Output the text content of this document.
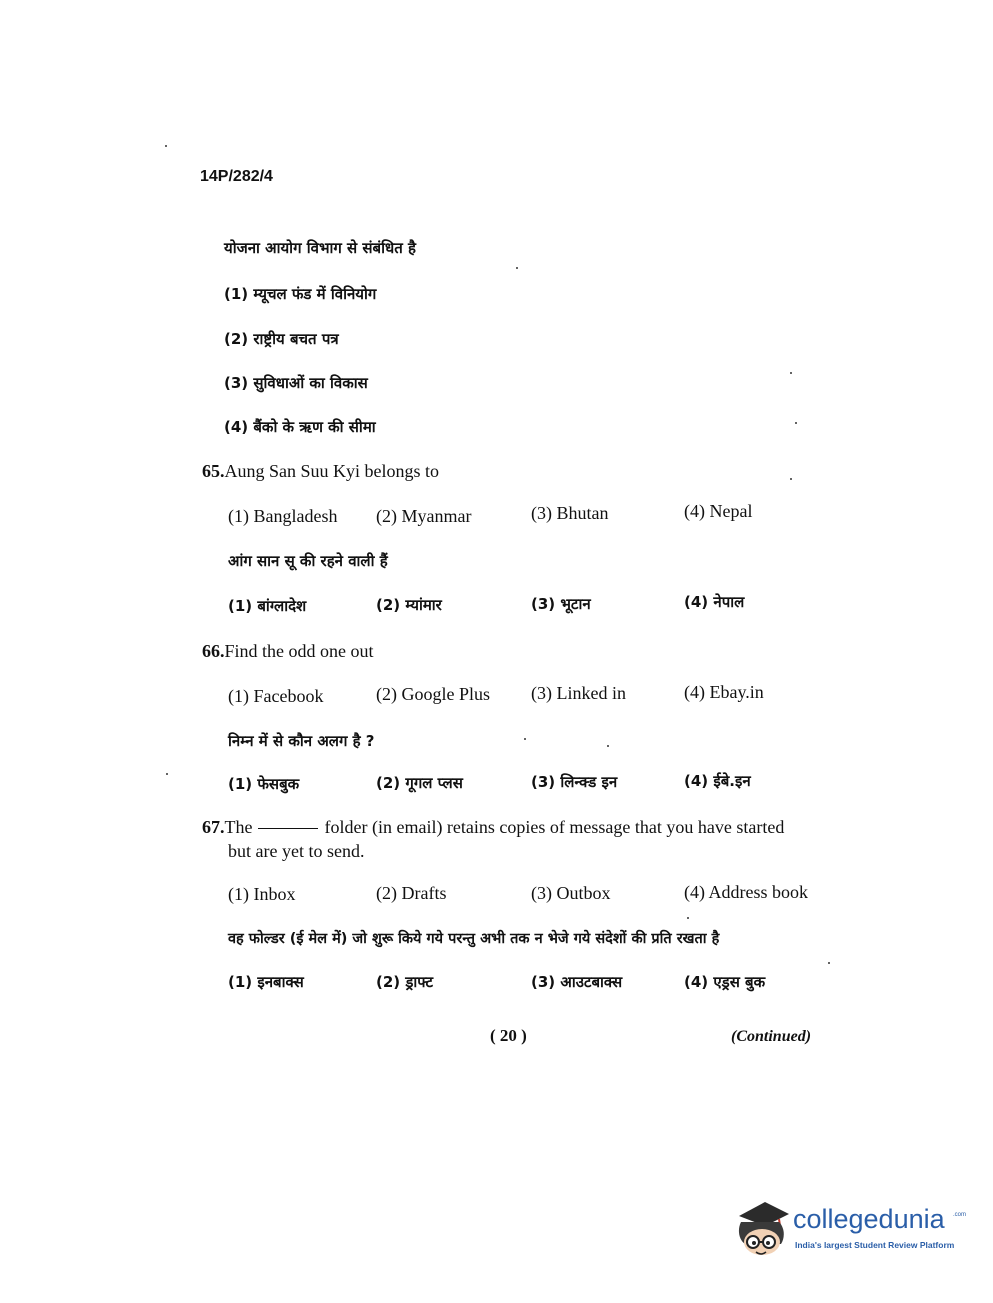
14P/282/4
योजना आयोग विभाग से संबंधित है
(1) म्यूचल फंड में विनियोग
(2) राष्ट्रीय बचत पत्र
(3) सुविधाओं का विकास
(4) बैंको के ऋण की सीमा
65.Aung San Suu Kyi belongs to
(1) Bangladesh (2) Myanmar	(3) Bhutan	(4) Nepal
आंग सान सू की रहने वाली हैं
(1) बांग्लादेश	(2) म्यांमार	(3) भूटान	(4) नेपाल
66.Find the odd one out
(1) Facebook	(2) Google Plus (3) Linked in	(4) Ebay.in
निम्न में से कौन अलग है ?
(1) फेसबुक	(2) गूगल प्लस	(3) लिन्क्ड इन	(4) ईबे.इन
67.The	folder (in email) retains copies of message that you have started
but are yet to send.
(1) Inbox	(2) Drafts	(3) Outbox	(4) Address book
वह फोल्डर (ई मेल में) जो शुरू किये गये परन्तु अभी तक न भेजे गये संदेशों की प्रति रखता है
(1) इनबाक्स	(2) ड्राफ्ट	(3) आउटबाक्स	(4) एड्रस बुक
( 20 )	(Continued)
collegedunia .com
India's largest Student Review Platform
